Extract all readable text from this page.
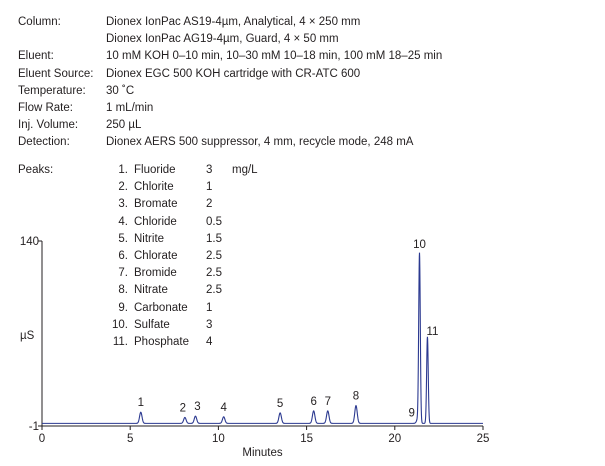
Column:	Dionex IonPac AS19-4µm, Analytical, 4 × 250 mm
Dionex IonPac AG19-4µm, Guard, 4 × 50 mm
Eluent:	10 mM KOH 0–10 min, 10–30 mM 10–18 min, 100 mM 18–25 min
Eluent Source:	Dionex EGC 500 KOH cartridge with CR-ATC 600
Temperature:	30 ˚C
Flow Rate:	1 mL/min
Inj. Volume:	250 µL
Detection:	Dionex AERS 500 suppressor, 4 mm, recycle mode, 248 mA
Peaks:	1. Fluoride	3	mg/L
2. Chlorite	1
3. Bromate	2
4. Chloride	0.5
5. Nitrite	1.5
6. Chlorate	2.5
7. Bromide	2.5
8. Nitrate	2.5
9. Carbonate	1
10. Sulfate	3
11. Phosphate	4
140
-1
0	5	10	15	20	25
Minutes
µS
1	2 3 4	5 6 7 8
9
10
11
